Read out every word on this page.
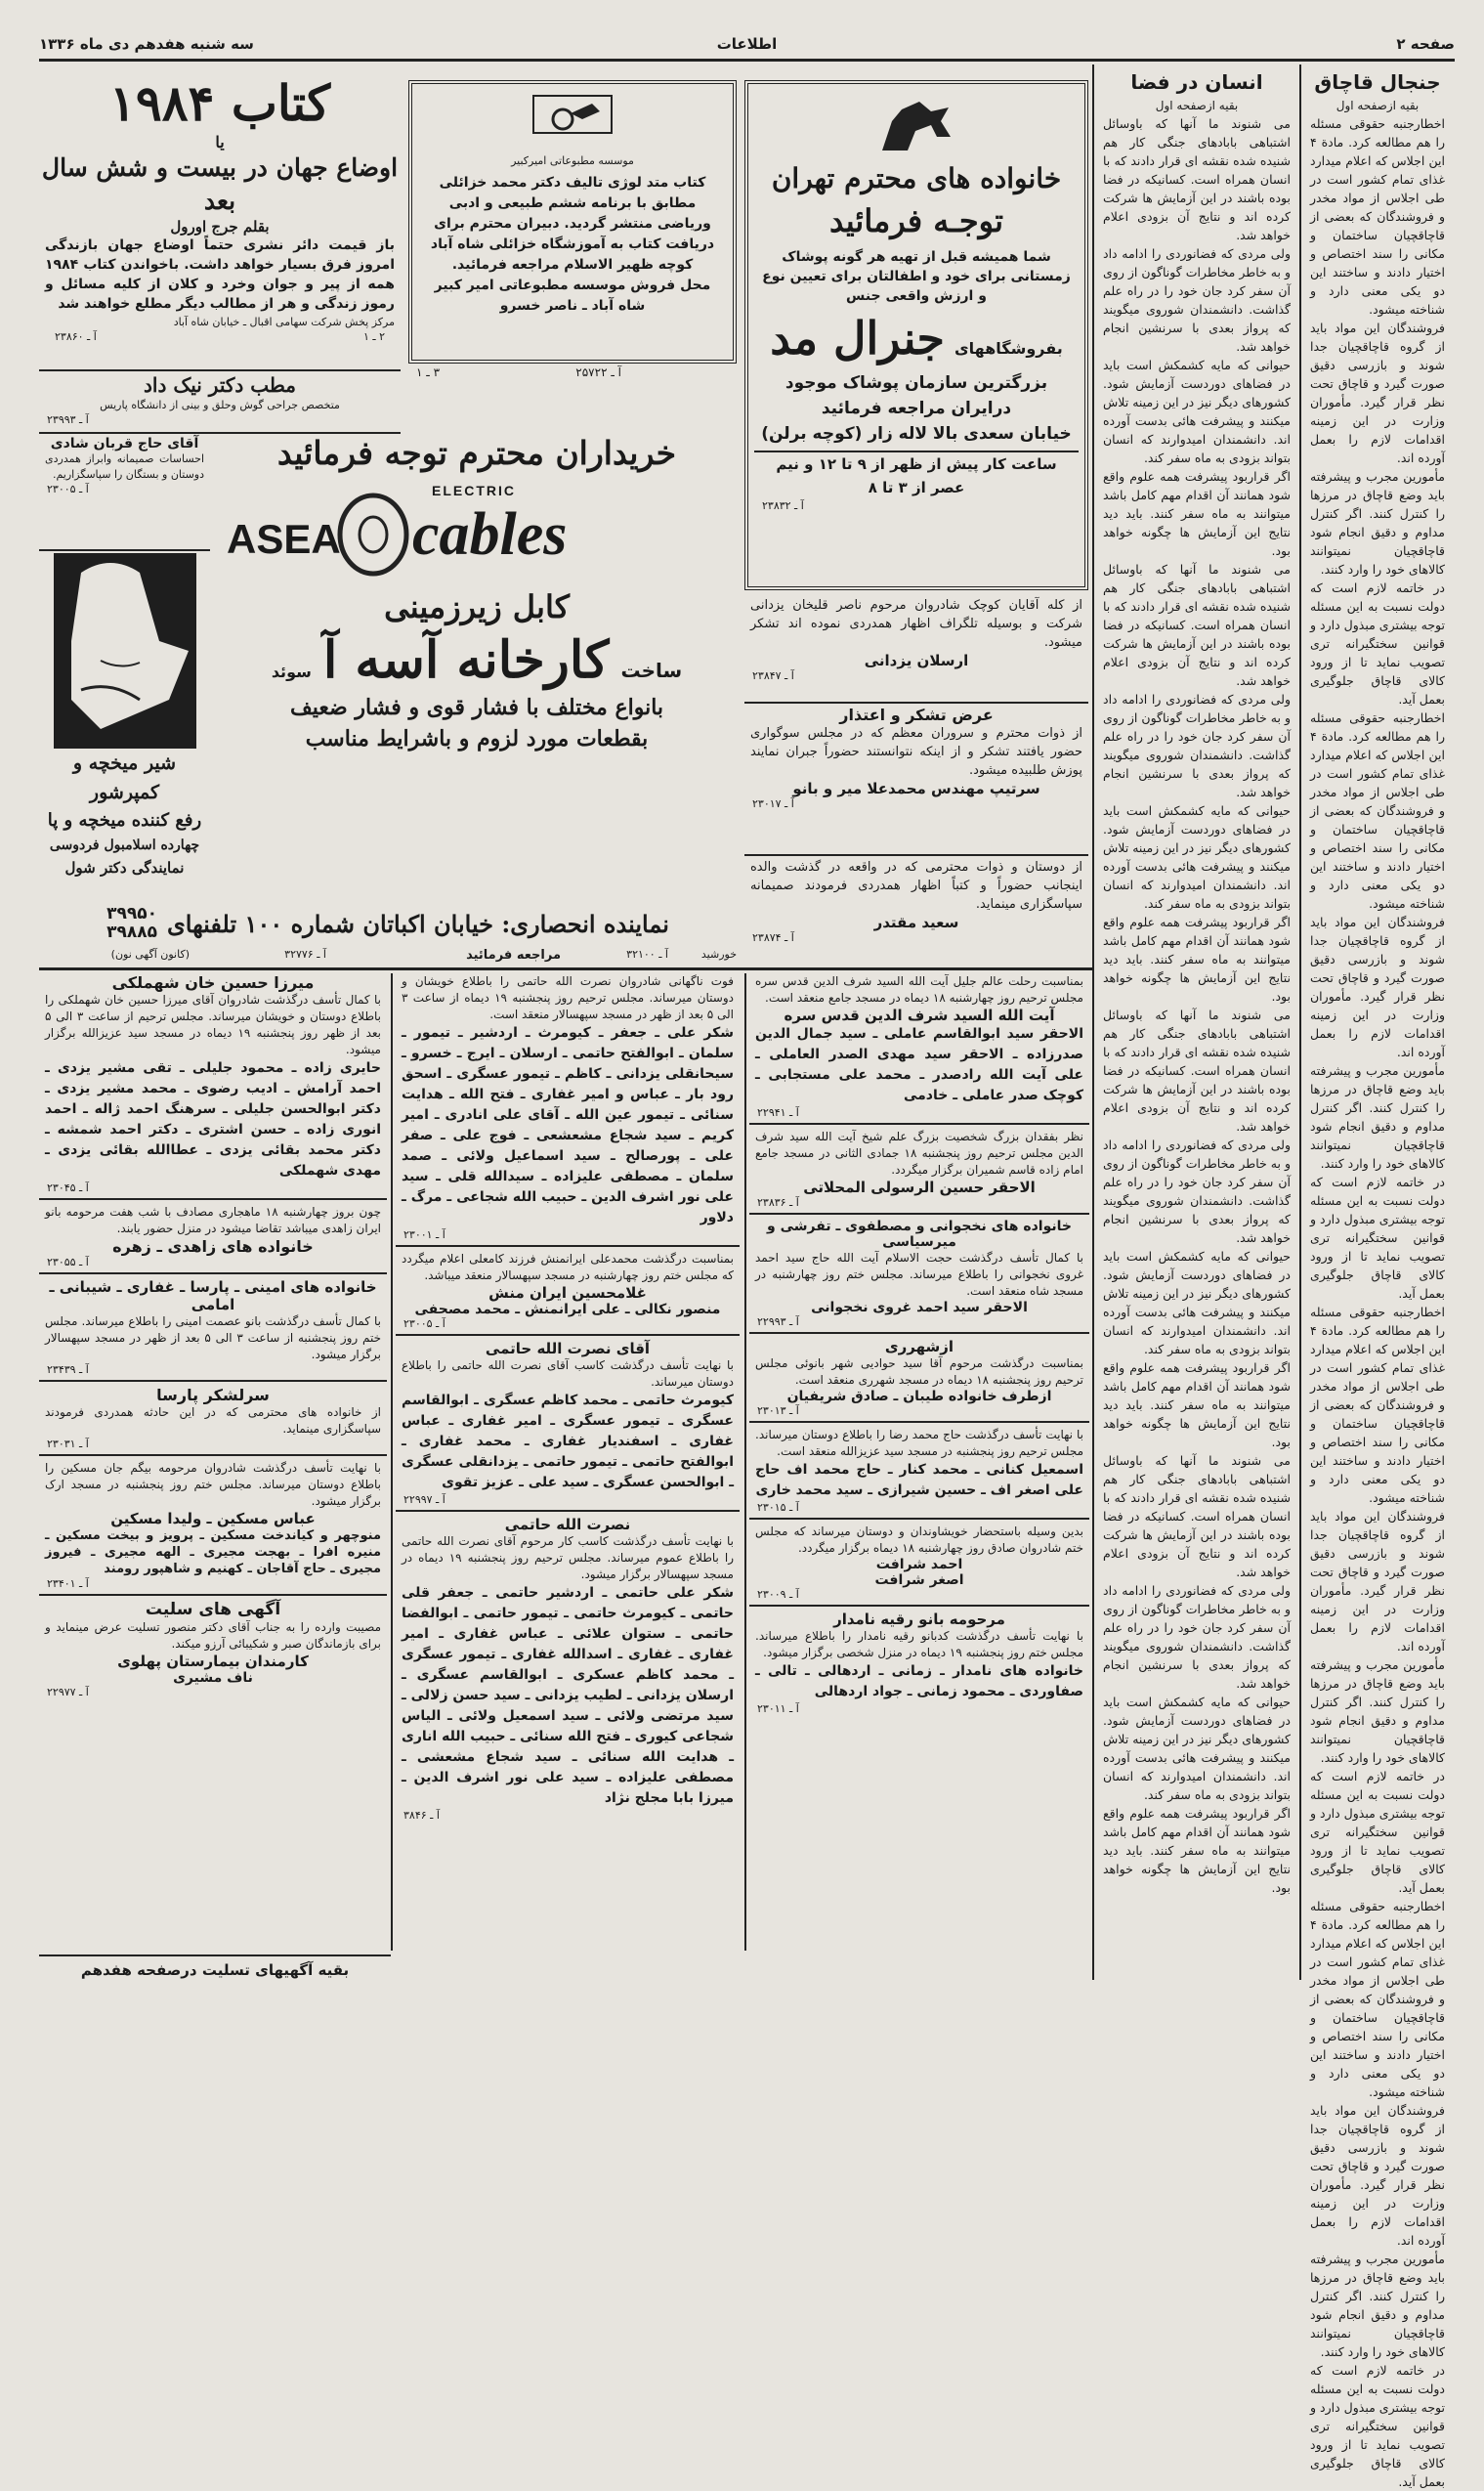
سه شنبه هفدهم دی ماه ۱۳۳۶	اطلاعات	صفحه ۲
جنجال قاچاق
بقیه ازصفحه اول
اخطارجنبه حقوقی مسئله را هم مطالعه کرد. مادة ۴ این اجلاس که اعلام میدارد غذای تمام کشور است در طی اجلاس از مواد مخدر و فروشندگان که بعضی از قاچاقچیان ساختمان و مکانی را سند اختصاص و اختیار دادند و ساختند این دو یکی معنی دارد و شناخته میشود.
فروشندگان این مواد باید از گروه قاچاقچیان جدا شوند و بازرسی دقیق صورت گیرد و قاچاق تحت نظر قرار گیرد. مأموران وزارت در این زمینه اقدامات لازم را بعمل آورده اند.
مأمورین مجرب و پیشرفته باید وضع قاچاق در مرزها را کنترل کنند. اگر کنترل مداوم و دقیق انجام شود قاچاقچیان نمیتوانند کالاهای خود را وارد کنند.
در خاتمه لازم است که دولت نسبت به این مسئله توجه بیشتری مبذول دارد و قوانین سختگیرانه تری تصویب نماید تا از ورود کالای قاچاق جلوگیری بعمل آید.
اخطارجنبه حقوقی مسئله را هم مطالعه کرد. مادة ۴ این اجلاس که اعلام میدارد غذای تمام کشور است در طی اجلاس از مواد مخدر و فروشندگان که بعضی از قاچاقچیان ساختمان و مکانی را سند اختصاص و اختیار دادند و ساختند این دو یکی معنی دارد و شناخته میشود.
فروشندگان این مواد باید از گروه قاچاقچیان جدا شوند و بازرسی دقیق صورت گیرد و قاچاق تحت نظر قرار گیرد. مأموران وزارت در این زمینه اقدامات لازم را بعمل آورده اند.
مأمورین مجرب و پیشرفته باید وضع قاچاق در مرزها را کنترل کنند. اگر کنترل مداوم و دقیق انجام شود قاچاقچیان نمیتوانند کالاهای خود را وارد کنند.
در خاتمه لازم است که دولت نسبت به این مسئله توجه بیشتری مبذول دارد و قوانین سختگیرانه تری تصویب نماید تا از ورود کالای قاچاق جلوگیری بعمل آید.
اخطارجنبه حقوقی مسئله را هم مطالعه کرد. مادة ۴ این اجلاس که اعلام میدارد غذای تمام کشور است در طی اجلاس از مواد مخدر و فروشندگان که بعضی از قاچاقچیان ساختمان و مکانی را سند اختصاص و اختیار دادند و ساختند این دو یکی معنی دارد و شناخته میشود.
فروشندگان این مواد باید از گروه قاچاقچیان جدا شوند و بازرسی دقیق صورت گیرد و قاچاق تحت نظر قرار گیرد. مأموران وزارت در این زمینه اقدامات لازم را بعمل آورده اند.
مأمورین مجرب و پیشرفته باید وضع قاچاق در مرزها را کنترل کنند. اگر کنترل مداوم و دقیق انجام شود قاچاقچیان نمیتوانند کالاهای خود را وارد کنند.
در خاتمه لازم است که دولت نسبت به این مسئله توجه بیشتری مبذول دارد و قوانین سختگیرانه تری تصویب نماید تا از ورود کالای قاچاق جلوگیری بعمل آید.
اخطارجنبه حقوقی مسئله را هم مطالعه کرد. مادة ۴ این اجلاس که اعلام میدارد غذای تمام کشور است در طی اجلاس از مواد مخدر و فروشندگان که بعضی از قاچاقچیان ساختمان و مکانی را سند اختصاص و اختیار دادند و ساختند این دو یکی معنی دارد و شناخته میشود.
فروشندگان این مواد باید از گروه قاچاقچیان جدا شوند و بازرسی دقیق صورت گیرد و قاچاق تحت نظر قرار گیرد. مأموران وزارت در این زمینه اقدامات لازم را بعمل آورده اند.
مأمورین مجرب و پیشرفته باید وضع قاچاق در مرزها را کنترل کنند. اگر کنترل مداوم و دقیق انجام شود قاچاقچیان نمیتوانند کالاهای خود را وارد کنند.
در خاتمه لازم است که دولت نسبت به این مسئله توجه بیشتری مبذول دارد و قوانین سختگیرانه تری تصویب نماید تا از ورود کالای قاچاق جلوگیری بعمل آید.
انسان در فضا
بقیه ازصفحه اول
می شنوند ما آنها که باوسائل اشتباهی بابادهای جنگی کار هم شنیده شده نقشه ای قرار دادند که با انسان همراه است. کسانیکه در فضا بوده باشند در این آزمایش ها شرکت کرده اند و نتایج آن بزودی اعلام خواهد شد.
ولی مردی که فضانوردی را ادامه داد و به خاطر مخاطرات گوناگون از روی آن سفر کرد جان خود را در راه علم گذاشت. دانشمندان شوروی میگویند که پرواز بعدی با سرنشین انجام خواهد شد.
حیوانی که مایه کشمکش است باید در فضاهای دوردست آزمایش شود. کشورهای دیگر نیز در این زمینه تلاش میکنند و پیشرفت هائی بدست آورده اند. دانشمندان امیدوارند که انسان بتواند بزودی به ماه سفر کند.
اگر قراربود پیشرفت همه علوم واقع شود همانند آن اقدام مهم کامل باشد میتوانند به ماه سفر کنند. باید دید نتایج این آزمایش ها چگونه خواهد بود.
می شنوند ما آنها که باوسائل اشتباهی بابادهای جنگی کار هم شنیده شده نقشه ای قرار دادند که با انسان همراه است. کسانیکه در فضا بوده باشند در این آزمایش ها شرکت کرده اند و نتایج آن بزودی اعلام خواهد شد.
ولی مردی که فضانوردی را ادامه داد و به خاطر مخاطرات گوناگون از روی آن سفر کرد جان خود را در راه علم گذاشت. دانشمندان شوروی میگویند که پرواز بعدی با سرنشین انجام خواهد شد.
حیوانی که مایه کشمکش است باید در فضاهای دوردست آزمایش شود. کشورهای دیگر نیز در این زمینه تلاش میکنند و پیشرفت هائی بدست آورده اند. دانشمندان امیدوارند که انسان بتواند بزودی به ماه سفر کند.
اگر قراربود پیشرفت همه علوم واقع شود همانند آن اقدام مهم کامل باشد میتوانند به ماه سفر کنند. باید دید نتایج این آزمایش ها چگونه خواهد بود.
می شنوند ما آنها که باوسائل اشتباهی بابادهای جنگی کار هم شنیده شده نقشه ای قرار دادند که با انسان همراه است. کسانیکه در فضا بوده باشند در این آزمایش ها شرکت کرده اند و نتایج آن بزودی اعلام خواهد شد.
ولی مردی که فضانوردی را ادامه داد و به خاطر مخاطرات گوناگون از روی آن سفر کرد جان خود را در راه علم گذاشت. دانشمندان شوروی میگویند که پرواز بعدی با سرنشین انجام خواهد شد.
حیوانی که مایه کشمکش است باید در فضاهای دوردست آزمایش شود. کشورهای دیگر نیز در این زمینه تلاش میکنند و پیشرفت هائی بدست آورده اند. دانشمندان امیدوارند که انسان بتواند بزودی به ماه سفر کند.
اگر قراربود پیشرفت همه علوم واقع شود همانند آن اقدام مهم کامل باشد میتوانند به ماه سفر کنند. باید دید نتایج این آزمایش ها چگونه خواهد بود.
می شنوند ما آنها که باوسائل اشتباهی بابادهای جنگی کار هم شنیده شده نقشه ای قرار دادند که با انسان همراه است. کسانیکه در فضا بوده باشند در این آزمایش ها شرکت کرده اند و نتایج آن بزودی اعلام خواهد شد.
ولی مردی که فضانوردی را ادامه داد و به خاطر مخاطرات گوناگون از روی آن سفر کرد جان خود را در راه علم گذاشت. دانشمندان شوروی میگویند که پرواز بعدی با سرنشین انجام خواهد شد.
حیوانی که مایه کشمکش است باید در فضاهای دوردست آزمایش شود. کشورهای دیگر نیز در این زمینه تلاش میکنند و پیشرفت هائی بدست آورده اند. دانشمندان امیدوارند که انسان بتواند بزودی به ماه سفر کند.
اگر قراربود پیشرفت همه علوم واقع شود همانند آن اقدام مهم کامل باشد میتوانند به ماه سفر کنند. باید دید نتایج این آزمایش ها چگونه خواهد بود.
خانواده های محترم تهران
توجـه فرمائید
شما همیشه قبل از تهیه هر گونه پوشاک زمستانی برای خود و اطفالتان برای تعیین نوع و ارزش واقعی جنس
بفروشگاههای
جنرال مد
بزرگترین سازمان پوشاک موجود درایران مراجعه فرمائید
خیابان سعدی بالا لاله زار (کوچه برلن)
ساعت کار پیش از ظهر از ۹ تا ۱۲ و نیم عصر از ۳ تا ۸
آ ـ ۲۳۸۳۲
موسسه مطبوعاتی امیرکبیر
کتاب متد لوژی تالیف دکتر محمد خزائلی مطابق با برنامه ششم طبیعی و ادبی وریاضی منتشر گردید. دبیران محترم برای دریافت کتاب به آموزشگاه خزائلی شاه آباد کوچه ظهیر الاسلام مراجعه فرمائید.
محل فروش موسسه مطبوعاتی امیر کبیر شاه آباد ـ ناصر خسرو
۳ ـ ۱	آ ـ ۲۵۷۲۲
کتاب ۱۹۸۴
یا
اوضاع جهان در بیست و شش سال بعد
بقلم جرج اورول
باز قیمت دائر نشری حتماً اوضاع جهان بازندگی امروز فرق بسیار خواهد داشت. باخواندن کتاب ۱۹۸۴ همه از پیر و جوان وخرد و کلان از کلیه مسائل و رموز زندگی و هر از مطالب دیگر مطلع خواهند شد
مرکز پخش شرکت سهامی اقبال ـ خیابان شاه آباد
۲ ـ ۱
آ ـ ۲۳۸۶۰
مطب دکتر نیک داد
متخصص جراحی گوش وحلق و بینی از دانشگاه پاریس
آ ـ ۲۳۹۹۳
آقای حاج قربان شادی
احساسات صمیمانه وابراز همدردی دوستان و بستگان را سپاسگزاریم.
آ ـ ۲۳۰۰۵
شیر میخچه و کمپرشور
رفع کننده میخچه و پا
چهارده اسلامبول فردوسی
نمایندگی دکتر شول
خریداران محترم توجه فرمائید
ASEA
ELECTRIC
cables
کابل زیرزمینی
ساخت
کارخانه آسه آ
سوئد
بانواع مختلف با فشار قوی و فشار ضعیف
بقطعات مورد لزوم و باشرایط مناسب
نماینده انحصاری: خیابان اکباتان شماره ۱۰۰ تلفنهای
۳۹۹۵۰
۳۹۸۸۵
خورشید
آ ـ ۳۲۱۰۰
مراجعه فرمائید
آ ـ ۳۲۷۷۶
(کانون آگهی نون)
از کله آقایان کوچک شادروان مرحوم ناصر قلیخان یزدانی شرکت و بوسیله تلگراف اظهار همدردی نموده اند تشکر میشود.
ارسلان یزدانی
آ ـ ۲۳۸۴۷
عرض تشکر و اعتذار
از ذوات محترم و سروران معظم که در مجلس سوگواری حضور یافتند تشکر و از اینکه نتوانستند حضوراً جبران نمایند پوزش طلبیده میشود.
سرتیپ مهندس محمدعلا میر و بانو
آ ـ ۲۳۰۱۷
از دوستان و ذوات محترمی که در واقعه در گذشت والده اینجانب حضوراً و کتباً اظهار همدردی فرمودند صمیمانه سپاسگزاری مینماید.
سعید مقتدر
آ ـ ۲۳۸۷۴
میرزا حسین خان شهملکی
با کمال تأسف درگذشت شادروان آقای میرزا حسین خان شهملکی را باطلاع دوستان و خویشان میرساند. مجلس ترحیم از ساعت ۳ الی ۵ بعد از ظهر روز پنجشنبه ۱۹ دیماه در مسجد سید عزیزالله برگزار میشود.
حایری زاده ـ محمود جلیلی ـ تقی مشیر یزدی ـ احمد آرامش ـ ادیب رضوی ـ محمد مشیر یزدی ـ دکتر ابوالحسن جلیلی ـ سرهنگ احمد ژاله ـ احمد انوری زاده ـ حسن اشتری ـ دکتر احمد شمشه ـ دکتر محمد بقائی یزدی ـ عطاالله بقائی یزدی ـ مهدی شهملکی
آ ـ ۲۳۰۴۵
چون بروز چهارشنبه ۱۸ ماهجاری مصادف با شب هفت مرحومه بانو ایران زاهدی میباشد تقاضا میشود در منزل حضور یابند.
خانواده های زاهدی ـ زهره
آ ـ ۲۳۰۵۵
خانواده های امینی ـ پارسا ـ غفاری ـ شیبانی ـ امامی
با کمال تأسف درگذشت بانو عصمت امینی را باطلاع میرساند. مجلس ختم روز پنجشنبه از ساعت ۳ الی ۵ بعد از ظهر در مسجد سپهسالار برگزار میشود.
آ ـ ۲۳۴۳۹
سرلشکر پارسا
از خانواده های محترمی که در این حادثه همدردی فرمودند سپاسگزاری مینماید.
آ ـ ۲۳۰۳۱
با نهایت تأسف درگذشت شادروان مرحومه بیگم جان مسکین را باطلاع دوستان میرساند. مجلس ختم روز پنجشنبه در مسجد ارک برگزار میشود.
عباس مسکین ـ ولیدا مسکین
منوچهر و کیاندخت مسکین ـ پرویز و بیخت مسکین ـ منیره افرا ـ بهجت مجیری ـ الهه مجیری ـ فیروز مجیری ـ حاج آقاجان ـ کهنیم و شاهپور رومند
آ ـ ۲۳۴۰۱
آگهی های سلیت
مصیبت وارده را به جناب آقای دکتر منصور تسلیت عرض مینماید و برای بازماندگان صبر و شکیبائی آرزو میکند.
کارمندان بیمارستان پهلوی
ناف مشیری
آ ـ ۲۲۹۷۷
فوت ناگهانی شادروان نصرت الله حاتمی را باطلاع خویشان و دوستان میرساند. مجلس ترحیم روز پنجشنبه ۱۹ دیماه از ساعت ۳ الی ۵ بعد از ظهر در مسجد سپهسالار منعقد است.
شکر علی ـ جعفر ـ کیومرث ـ اردشیر ـ تیمور ـ سلمان ـ ابوالفتح حاتمی ـ ارسلان ـ ایرج ـ خسرو ـ سیحانقلی یزدانی ـ کاظم ـ تیمور عسگری ـ اسحق رود بار ـ عباس و امیر غفاری ـ فتح الله ـ هدایت سنائی ـ تیمور عین الله ـ آقای علی انادری ـ امیر کریم ـ سید شجاع مشعشعی ـ فوج علی ـ صفر علی ـ پورصالح ـ سید اسماعیل ولائی ـ صمد سلمان ـ مصطفی علیزاده ـ سیدالله قلی ـ سید علی نور اشرف الدین ـ حبیب الله شجاعی ـ مرگ ـ دلاور
آ ـ ۲۳۰۰۱
بمناسبت درگذشت محمدعلی ایرانمنش فرزند کامعلی اعلام میگردد که مجلس ختم روز چهارشنبه در مسجد سپهسالار منعقد میباشد.
غلامحسین ایران منش
منصور نکالی ـ علی ایرانمنش ـ محمد مصحفی
آ ـ ۲۳۰۰۵
آقای نصرت الله حاتمی
با نهایت تأسف درگذشت کاسب آقای نصرت الله حاتمی را باطلاع دوستان میرساند.
کیومرث حاتمی ـ محمد کاظم عسگری ـ ابوالقاسم عسگری ـ تیمور عسگری ـ امیر غفاری ـ عباس غفاری ـ اسفندیار غفاری ـ محمد غفاری ـ ابوالفتح حاتمی ـ تیمور حاتمی ـ یزدانقلی عسگری ـ ابوالحسن عسگری ـ سید علی ـ عزیز تقوی
آ ـ ۲۲۹۹۷
نصرت الله حاتمی
با نهایت تأسف درگذشت کاسب کار مرحوم آقای نصرت الله حاتمی را باطلاع عموم میرساند. مجلس ترحیم روز پنجشنبه ۱۹ دیماه در مسجد سپهسالار برگزار میشود.
شکر علی حاتمی ـ اردشیر حاتمی ـ جعفر قلی حاتمی ـ کیومرث حاتمی ـ تیمور حاتمی ـ ابوالفضا حاتمی ـ ستوان علائی ـ عباس غفاری ـ امیر غفاری ـ غفاری ـ اسدالله غفاری ـ تیمور عسگری ـ محمد کاظم عسکری ـ ابوالقاسم عسگری ـ ارسلان یزدانی ـ لطیب یزدانی ـ سید حسن زلالی ـ سید مرتضی ولائی ـ سید اسمعیل ولائی ـ الیاس شجاعی کیوری ـ فتح الله سنائی ـ حبیب الله اناری ـ هدایت الله سنائی ـ سید شجاع مشعشی ـ مصطفی علیزاده ـ سید علی نور اشرف الدین ـ میرزا بابا مجلج نژاد
آ ـ ۳۸۴۶
بمناسبت رحلت عالم جلیل آیت الله السید شرف الدین قدس سره مجلس ترحیم روز چهارشنبه ۱۸ دیماه در مسجد جامع منعقد است.
آیت الله السید شرف الدین قدس سره
الاحقر سید ابوالقاسم عاملی ـ سید جمال الدین صدرزاده ـ الاحقر سید مهدی الصدر العاملی ـ علی آیت الله رادصدر ـ محمد علی مستجابی ـ کوچک صدر عاملی ـ خادمی
آ ـ ۲۲۹۴۱
نظر بفقدان بزرگ شخصیت بزرگ علم شیخ آیت الله سید شرف الدین مجلس ترحیم روز پنجشنبه ۱۸ جمادی الثانی در مسجد جامع امام زاده قاسم شمیران برگزار میگردد.
الاحقر حسین الرسولی المحلاتی
آ ـ ۲۳۸۳۶
خانواده های نخجوانی و مصطفوی ـ تفرشی و میرسیاسی
با کمال تأسف درگذشت حجت الاسلام آیت الله حاج سید احمد غروی نخجوانی را باطلاع میرساند. مجلس ختم روز چهارشنبه در مسجد شاه منعقد است.
الاحقر سید احمد غروی نخجوانی
آ ـ ۲۲۹۹۳
ازشهرری
بمناسبت درگذشت مرحوم آقا سید حوادیی شهر بانوئی مجلس ترحیم روز پنجشنبه ۱۸ دیماه در مسجد شهرری منعقد است.
ازطرف خانواده طیبان ـ صادق شریفیان
آ ـ ۲۳۰۱۳
با نهایت تأسف درگذشت حاج محمد رضا را باطلاع دوستان میرساند. مجلس ترحیم روز پنجشنبه در مسجد سید عزیزالله منعقد است.
اسمعیل کنانی ـ محمد کنار ـ حاج محمد اف حاج علی اصغر اف ـ حسین شیرازی ـ سید محمد خاری
آ ـ ۲۳۰۱۵
بدین وسیله باستحضار خویشاوندان و دوستان میرساند که مجلس ختم شادروان صادق روز چهارشنبه ۱۸ دیماه برگزار میگردد.
احمد شرافت
اصغر شرافت
آ ـ ۲۳۰۰۹
مرحومه بانو رقیه نامدار
با نهایت تأسف درگذشت کدبانو رقیه نامدار را باطلاع میرساند. مجلس ختم روز پنجشنبه ۱۹ دیماه در منزل شخصی برگزار میشود.
خانواده های نامدار ـ زمانی ـ اردهالی ـ تالی ـ صفاوردی ـ محمود زمانی ـ جواد اردهالی
آ ـ ۲۳۰۱۱
بقیه آگهیهای تسلیت درصفحه هفدهم
